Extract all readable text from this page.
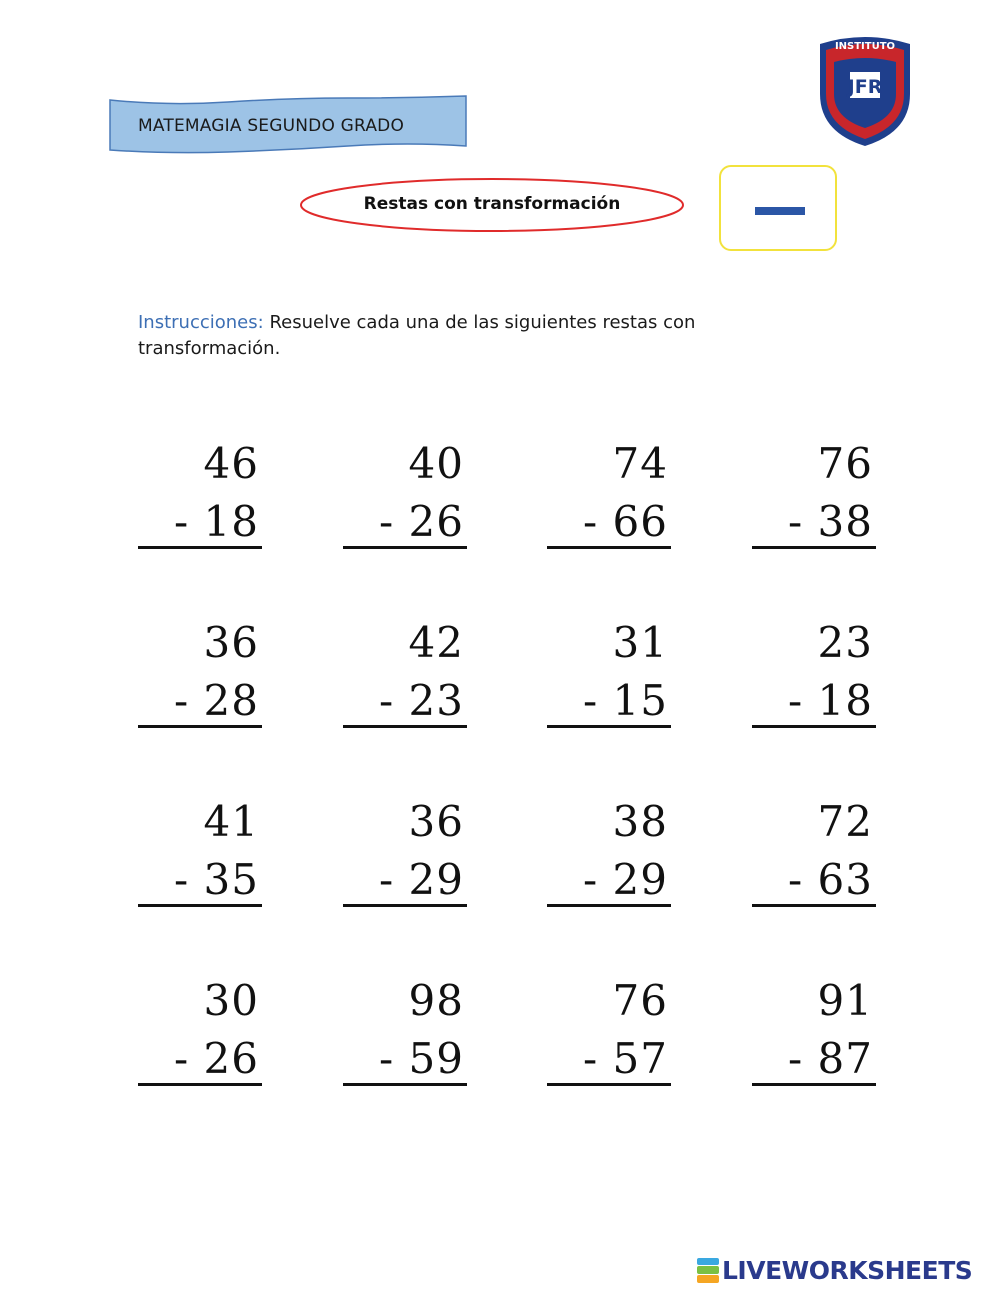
MATEMAGIA SEGUNDO GRADO
JFR
INSTITUTO
Restas con transformación
Instrucciones: Resuelve cada una de las siguientes restas con transformación.
46
- 18
40
- 26
74
- 66
76
- 38
36
- 28
42
- 23
31
- 15
23
- 18
41
- 35
36
- 29
38
- 29
72
- 63
30
- 26
98
- 59
76
- 57
91
- 87
LIVEWORKSHEETS
